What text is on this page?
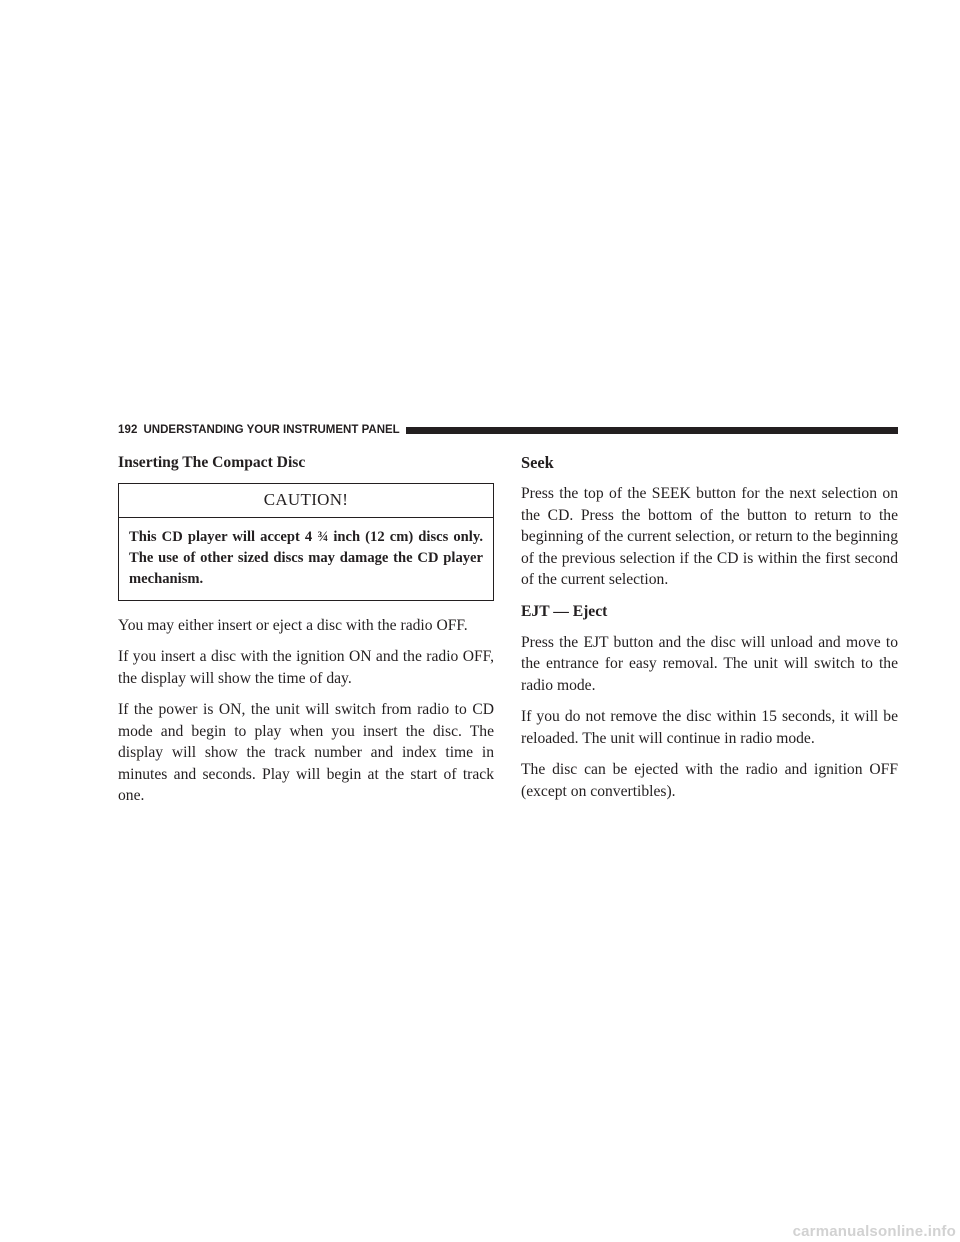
192 UNDERSTANDING YOUR INSTRUMENT PANEL

Inserting The Compact Disc

CAUTION!
This CD player will accept 4 ¾ inch (12 cm) discs only. The use of other sized discs may damage the CD player mechanism.

You may either insert or eject a disc with the radio OFF.

If you insert a disc with the ignition ON and the radio OFF, the display will show the time of day.

If the power is ON, the unit will switch from radio to CD mode and begin to play when you insert the disc. The display will show the track number and index time in minutes and seconds. Play will begin at the start of track one.

Seek

Press the top of the SEEK button for the next selection on the CD. Press the bottom of the button to return to the beginning of the current selection, or return to the beginning of the previous selection if the CD is within the first second of the current selection.

EJT — Eject

Press the EJT button and the disc will unload and move to the entrance for easy removal. The unit will switch to the radio mode.

If you do not remove the disc within 15 seconds, it will be reloaded. The unit will continue in radio mode.

The disc can be ejected with the radio and ignition OFF (except on convertibles).

carmanualsonline.info
